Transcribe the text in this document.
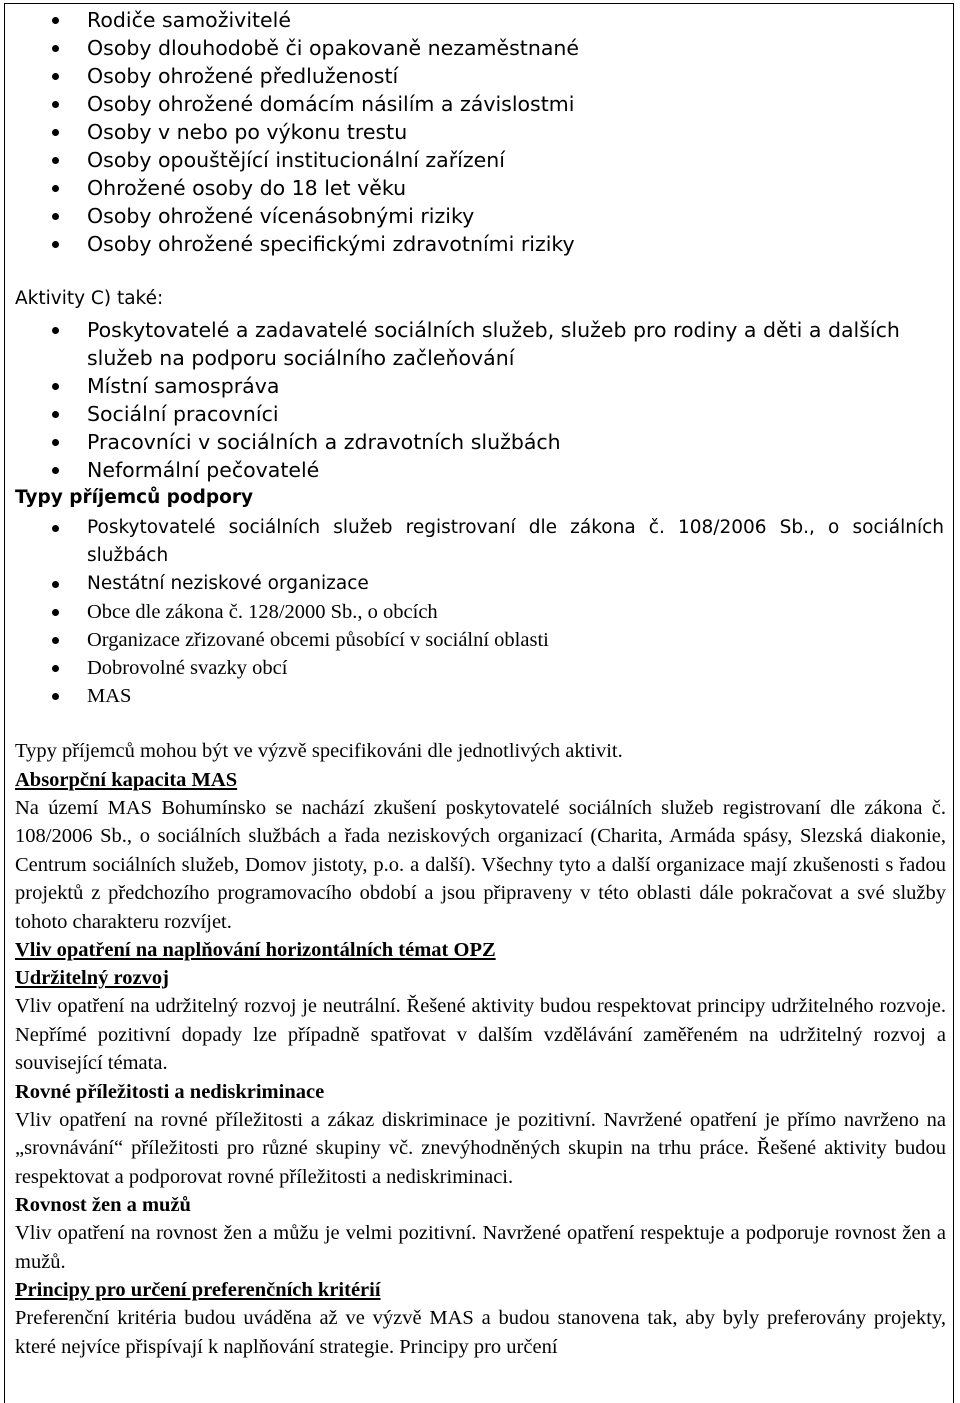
Rodiče samoživitelé
Osoby dlouhodobě či opakovaně nezaměstnané
Osoby ohrožené předlužeností
Osoby ohrožené domácím násilím a závislostmi
Osoby v nebo po výkonu trestu
Osoby opouštějící institucionální zařízení
Ohrožené osoby do 18 let věku
Osoby ohrožené vícenásobnými riziky
Osoby ohrožené specifickými zdravotními riziky
Aktivity C) také:
Poskytovatelé a zadavatelé sociálních služeb, služeb pro rodiny a děti a dalších služeb na podporu sociálního začleňování
Místní samospráva
Sociální pracovníci
Pracovníci v sociálních a zdravotních službách
Neformální pečovatelé
Typy příjemců podpory
Poskytovatelé sociálních služeb registrovaní dle zákona č. 108/2006 Sb., o sociálních službách
Nestátní neziskové organizace
Obce dle zákona č. 128/2000 Sb., o obcích
Organizace zřizované obcemi působící v sociální oblasti
Dobrovolné svazky obcí
MAS
Typy příjemců mohou být ve výzvě specifikováni dle jednotlivých aktivit.
Absorpční kapacita MAS
Na území MAS Bohumínsko se nachází zkušení poskytovatelé sociálních služeb registrovaní dle zákona č. 108/2006 Sb., o sociálních službách a řada neziskových organizací (Charita, Armáda spásy, Slezská diakonie, Centrum sociálních služeb, Domov jistoty, p.o. a další). Všechny tyto a další organizace mají zkušenosti s řadou projektů z předchozího programovacího období a jsou připraveny v této oblasti dále pokračovat a své služby tohoto charakteru rozvíjet.
Vliv opatření na naplňování horizontálních témat OPZ
Udržitelný rozvoj
Vliv opatření na udržitelný rozvoj je neutrální. Řešené aktivity budou respektovat principy udržitelného rozvoje. Nepřímé pozitivní dopady lze případně spatřovat v dalším vzdělávání zaměřeném na udržitelný rozvoj a související témata.
Rovné příležitosti a nediskriminace
Vliv opatření na rovné příležitosti a zákaz diskriminace je pozitivní. Navržené opatření je přímo navrženo na „srovnávání“ příležitosti pro různé skupiny vč. znevýhodněných skupin na trhu práce. Řešené aktivity budou respektovat a podporovat rovné příležitosti a nediskriminaci.
Rovnost žen a mužů
Vliv opatření na rovnost žen a můžu je velmi pozitivní. Navržené opatření respektuje a podporuje rovnost žen a mužů.
Principy pro určení preferenčních kritérií
Preferenční kritéria budou uváděna až ve výzvě MAS a budou stanovena tak, aby byly preferovány projekty, které nejvíce přispívají k naplňování strategie. Principy pro určení
